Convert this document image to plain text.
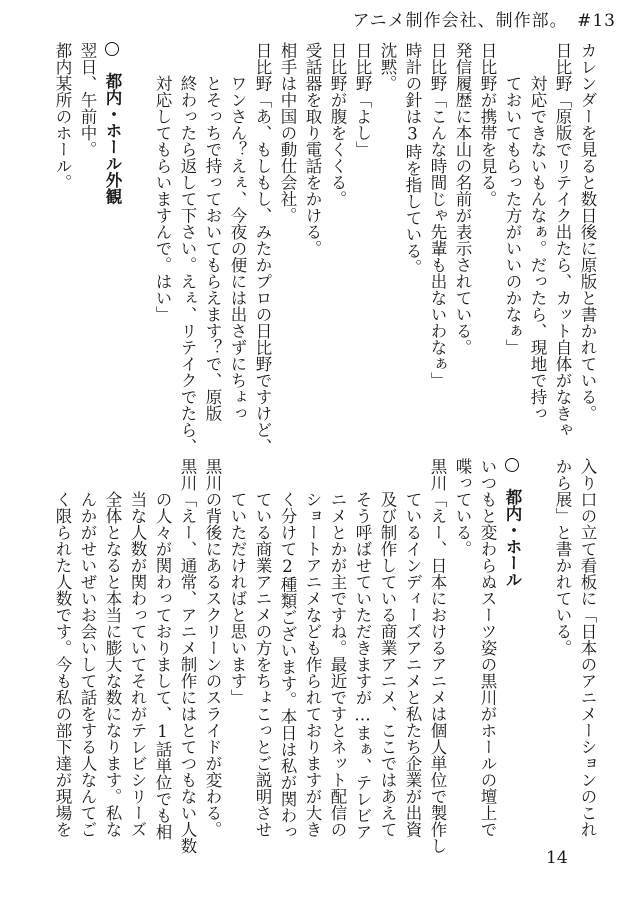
アニメ制作会社、制作部。　#13
カレンダーを見ると数日後に原版と書かれている。
日比野「原版でリテイク出たら、カット自体がなきゃ
　　対応できないもんなぁ。だったら、現地で持っ
　　ておいてもらった方がいいのかなぁ」
日比野が携帯を見る。
発信履歴に本山の名前が表示されている。
日比野「こんな時間じゃ先輩も出ないわなぁ」
時計の針は3時を指している。
沈黙。
日比野「よし」
日比野が腹をくくる。
受話器を取り電話をかける。
相手は中国の動仕会社。
日比野「あ、もしもし、みたかプロの日比野ですけど、
　　ワンさん？えぇ、今夜の便には出さずにちょっ
　　とそっちで持っておいてもらえます？で、原版
　　終わったら返して下さい。えぇ、リテイクでたら、
　　対応してもらいますんで。はい」

　都内・ホール外観
翌日、午前中。
都内某所のホール。
入り口の立て看板に「日本のアニメーションのこれ
から展」と書かれている。

　都内・ホール
いつもと変わらぬスーツ姿の黒川がホールの壇上で
喋っている。
黒川「えー、日本におけるアニメは個人単位で製作し
　　ているインディーズアニメと私たち企業が出資
　　及び制作している商業アニメ、ここではあえて
　　そう呼ばせていただきますが…まぁ、テレビア
　　ニメとかが主ですね。最近ですとネット配信の
　　ショートアニメなども作られておりますが大き
　　く分けて2種類ございます。本日は私が関わっ
　　ている商業アニメの方をちょこっとご説明させ
　　ていただければと思います」
黒川の背後にあるスクリーンのスライドが変わる。
黒川「えー、通常、アニメ制作にはとてつもない人数
　　の人々が関わっておりまして、1話単位でも相
　　当な人数が関わっていてそれがテレビシリーズ
　　全体となると本当に膨大な数になります。私な
　　んかがせいぜいお会いして話をする人なんてご
　　く限られた人数です。今も私の部下達が現場を
14
